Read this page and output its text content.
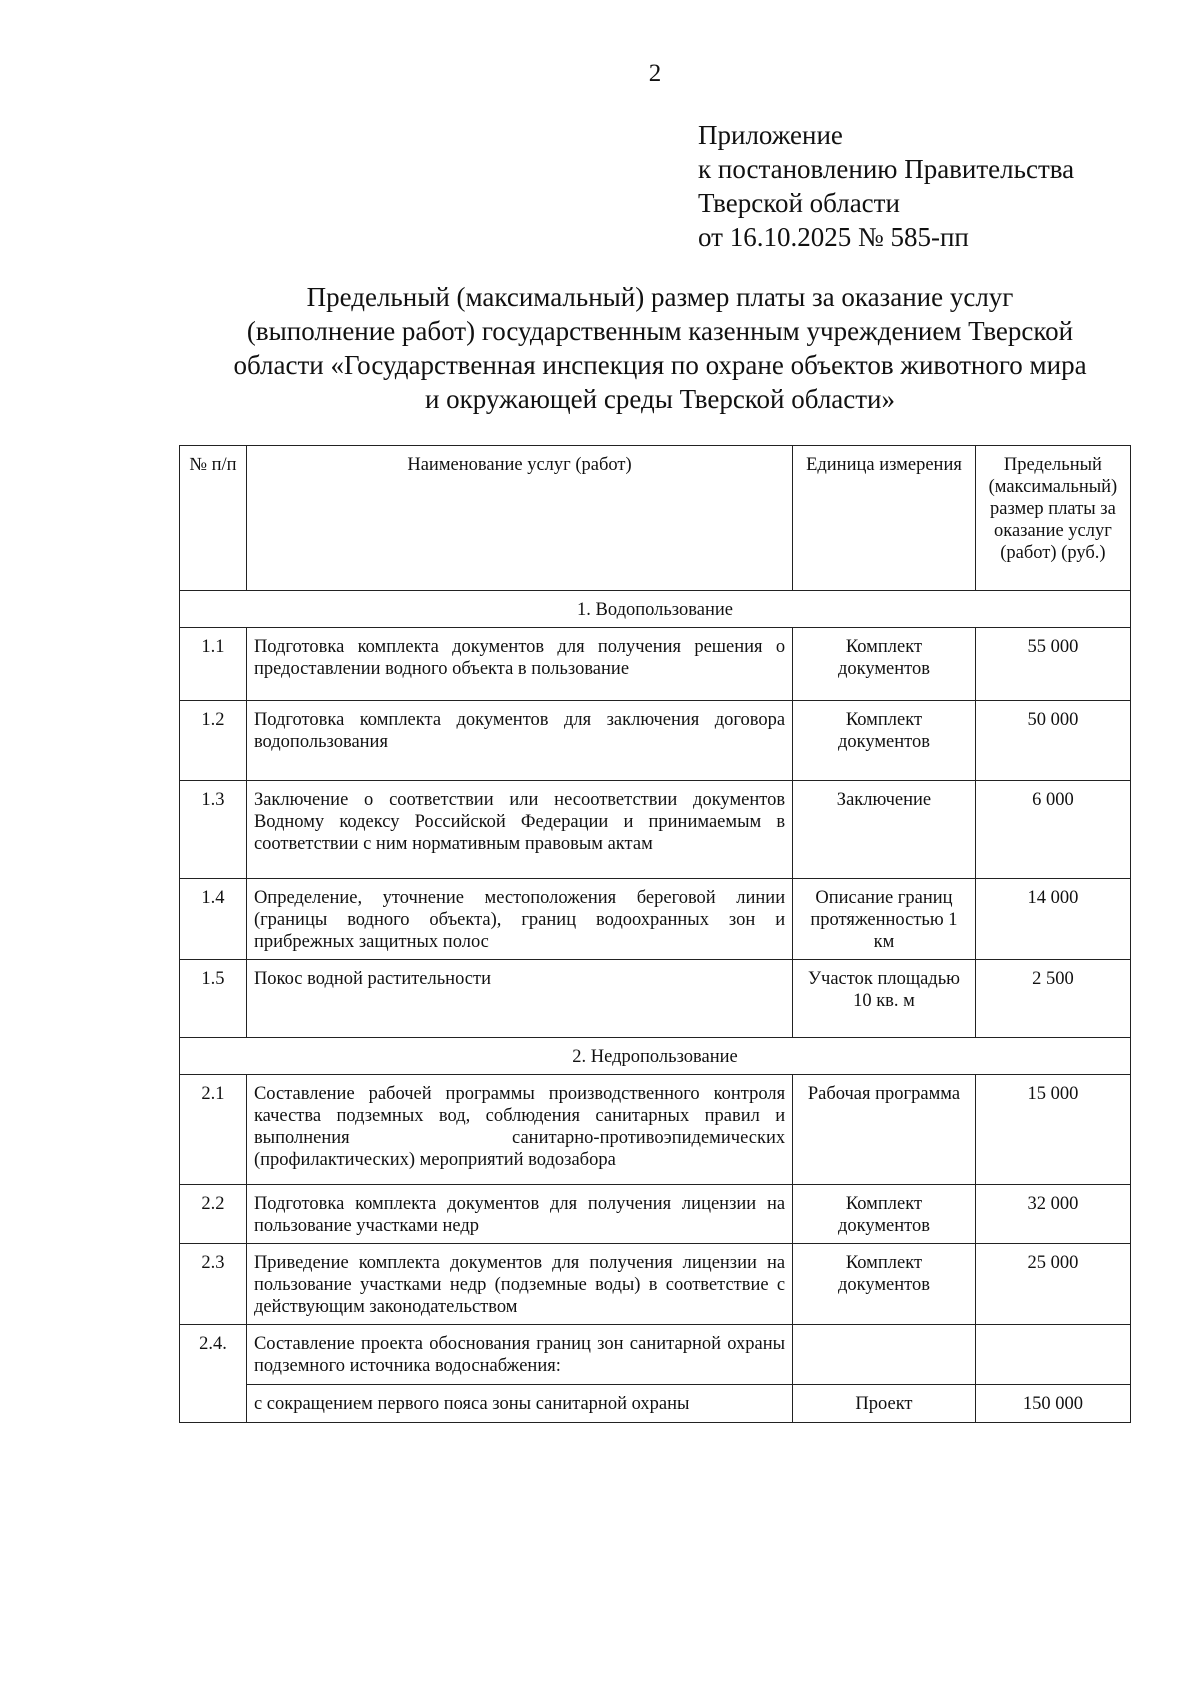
2
Приложение
к постановлению Правительства
Тверской области
от 16.10.2025 № 585-пп
Предельный (максимальный) размер платы за оказание услуг
(выполнение работ) государственным казенным учреждением Тверской
области «Государственная инспекция по охране объектов животного мира
и окружающей среды Тверской области»
№ п/п	Наименование услуг (работ)	Единица измерения	Предельный (максимальный) размер платы за оказание услуг (работ) (руб.)
1. Водопользование			
1.1	Подготовка комплекта документов для получения решения о предоставлении водного объекта в пользование	Комплект документов	55 000
1.2	Подготовка комплекта документов для заключения договора водопользования	Комплект документов	50 000
1.3	Заключение о соответствии или несоответствии документов Водному кодексу Российской Федерации и принимаемым в соответствии с ним нормативным правовым актам	Заключение	6 000
1.4	Определение, уточнение местоположения береговой линии (границы водного объекта), границ водоохранных зон и прибрежных защитных полос	Описание границ протяженностью 1 км	14 000
1.5	Покос водной растительности	Участок площадью 10 кв. м	2 500
2. Недропользование			
2.1	Составление рабочей программы производственного контроля качества подземных вод, соблюдения санитарных правил и выполнения санитарно-противоэпидемических (профилактических) мероприятий водозабора	Рабочая программа	15 000
2.2	Подготовка комплекта документов для получения лицензии на пользование участками недр	Комплект документов	32 000
2.3	Приведение комплекта документов для получения лицензии на пользование участками недр (подземные воды) в соответствие с действующим законодательством	Комплект документов	25 000
2.4.	Составление проекта обоснования границ зон санитарной охраны подземного источника водоснабжения:		

	с сокращением первого пояса зоны санитарной охраны	Проект	150 000
